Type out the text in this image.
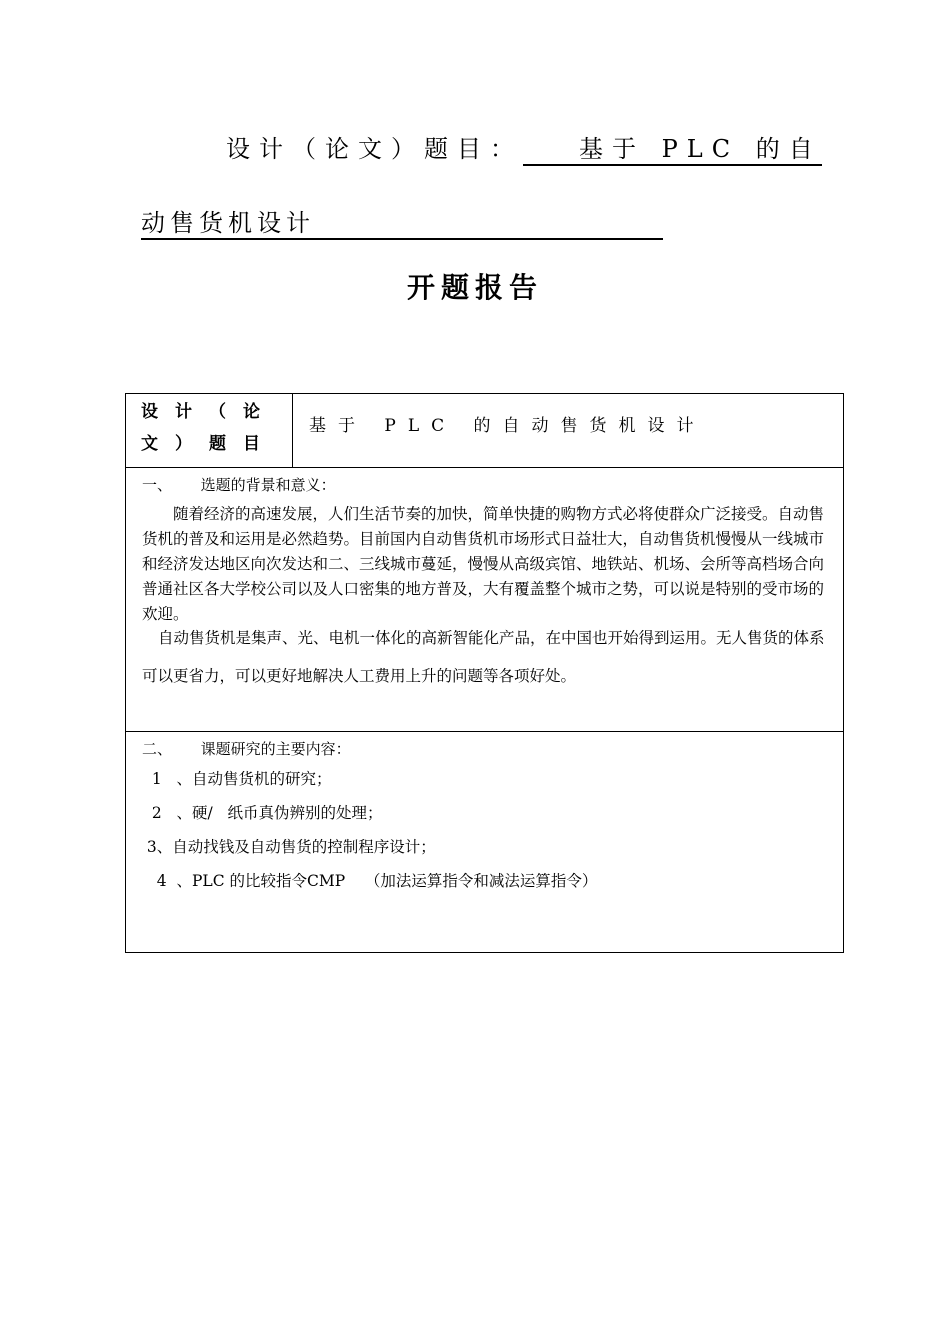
设计（论文）题目： 基于 PLC 的自
动售货机设计
开题报告
设计（论
文）题目
基于 PLC 的自动售货机设计
一、      选题的背景和意义：
随着经济的高速发展，人们生活节奏的加快，简单快捷的购物方式必将使群众广泛接受。自动售货机的普及和运用是必然趋势。目前国内自动售货机市场形式日益壮大，自动售货机慢慢从一线城市和经济发达地区向次发达和二、三线城市蔓延，慢慢从高级宾馆、地铁站、机场、会所等高档场合向普通社区各大学校公司以及人口密集的地方普及，大有覆盖整个城市之势，可以说是特别的受市场的欢迎。
自动售货机是集声、光、电机一体化的高新智能化产品，在中国也开始得到运用。无人售货的体系可以更省力，可以更好地解决人工费用上升的问题等各项好处。
二、      课题研究的主要内容：
1   、自动售货机的研究；
2   、硬/   纸币真伪辨别的处理；
3、自动找钱及自动售货的控制程序设计；
4  、PLC 的比较指令CMP    （加法运算指令和减法运算指令）
